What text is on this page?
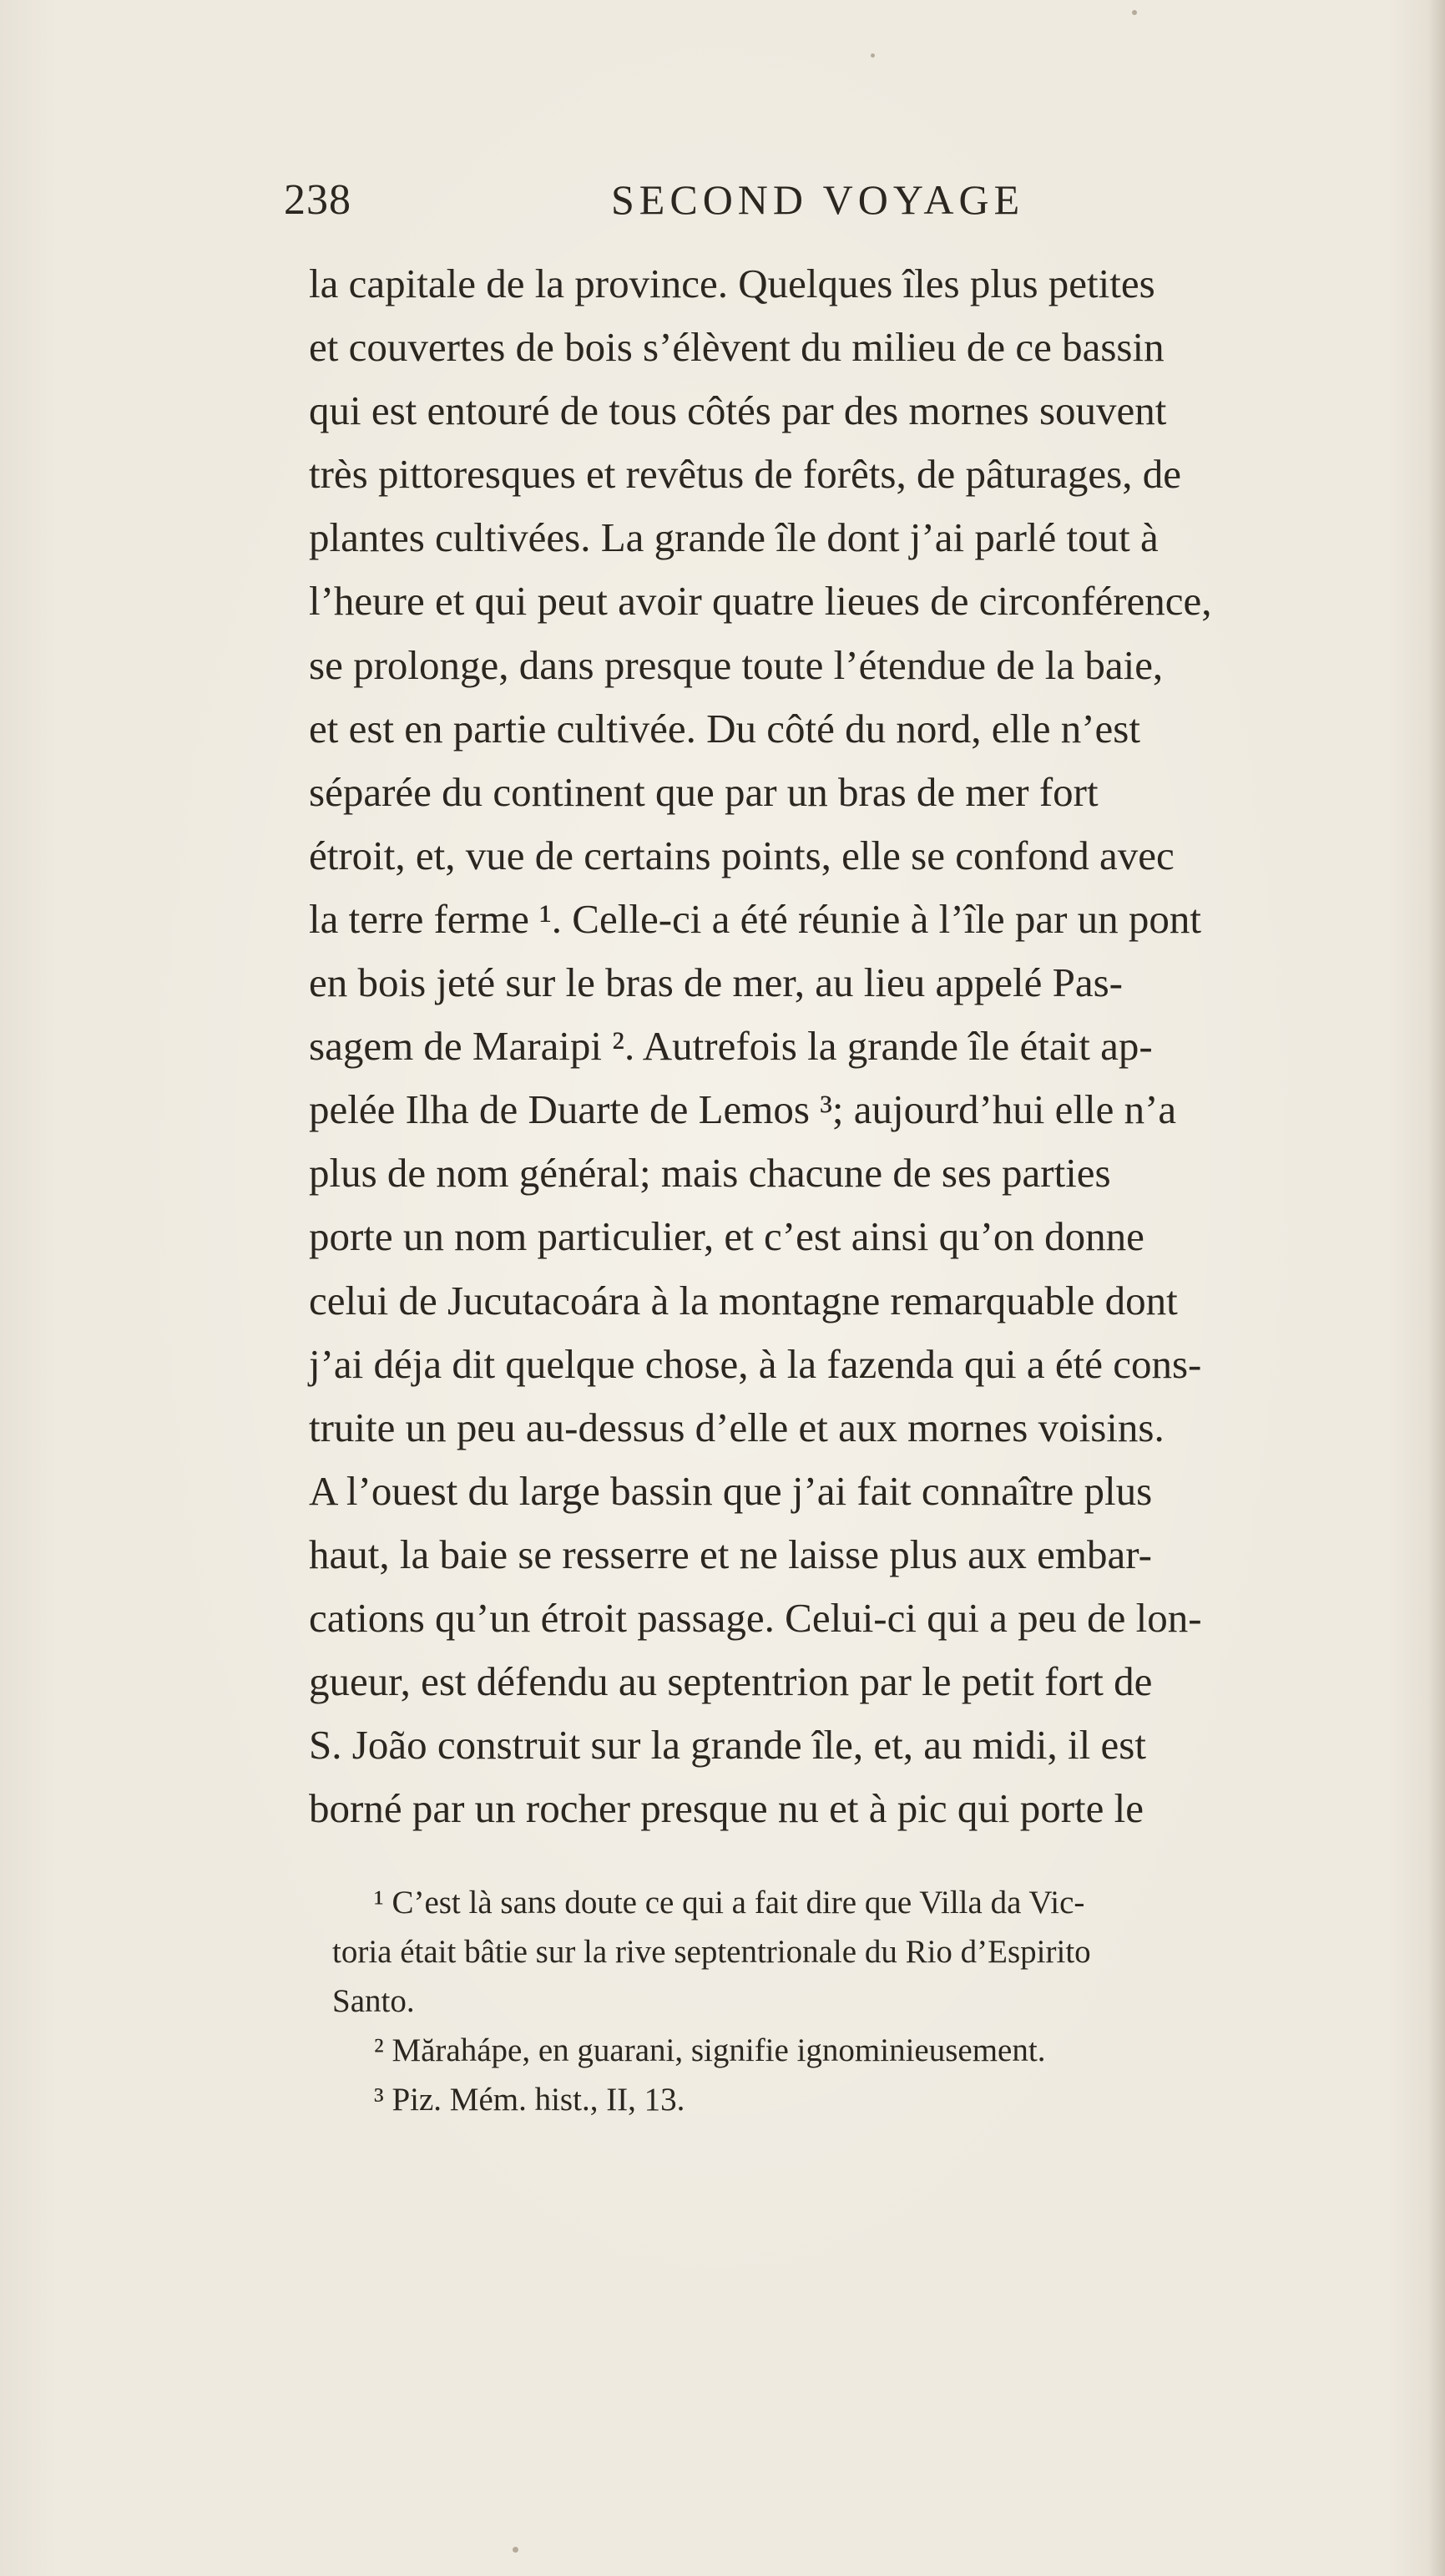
238	SECOND VOYAGE
la capitale de la province. Quelques îles plus petites
et couvertes de bois s’élèvent du milieu de ce bassin
qui est entouré de tous côtés par des mornes souvent
très pittoresques et revêtus de forêts, de pâturages, de
plantes cultivées. La grande île dont j’ai parlé tout à
l’heure et qui peut avoir quatre lieues de circonférence,
se prolonge, dans presque toute l’étendue de la baie,
et est en partie cultivée. Du côté du nord, elle n’est
séparée du continent que par un bras de mer fort
étroit, et, vue de certains points, elle se confond avec
la terre ferme ¹. Celle-ci a été réunie à l’île par un pont
en bois jeté sur le bras de mer, au lieu appelé Pas-
sagem de Maraipi ². Autrefois la grande île était ap-
pelée Ilha de Duarte de Lemos ³; aujourd’hui elle n’a
plus de nom général; mais chacune de ses parties
porte un nom particulier, et c’est ainsi qu’on donne
celui de Jucutacoára à la montagne remarquable dont
j’ai déja dit quelque chose, à la fazenda qui a été cons-
truite un peu au-dessus d’elle et aux mornes voisins.
A l’ouest du large bassin que j’ai fait connaître plus
haut, la baie se resserre et ne laisse plus aux embar-
cations qu’un étroit passage. Celui-ci qui a peu de lon-
gueur, est défendu au septentrion par le petit fort de
S. João construit sur la grande île, et, au midi, il est
borné par un rocher presque nu et à pic qui porte le
¹ C’est là sans doute ce qui a fait dire que Villa da Vic-
toria était bâtie sur la rive septentrionale du Rio d’Espirito
Santo.
² Mărahápe, en guarani, signifie ignominieusement.
³ Piz. Mém. hist., II, 13.
